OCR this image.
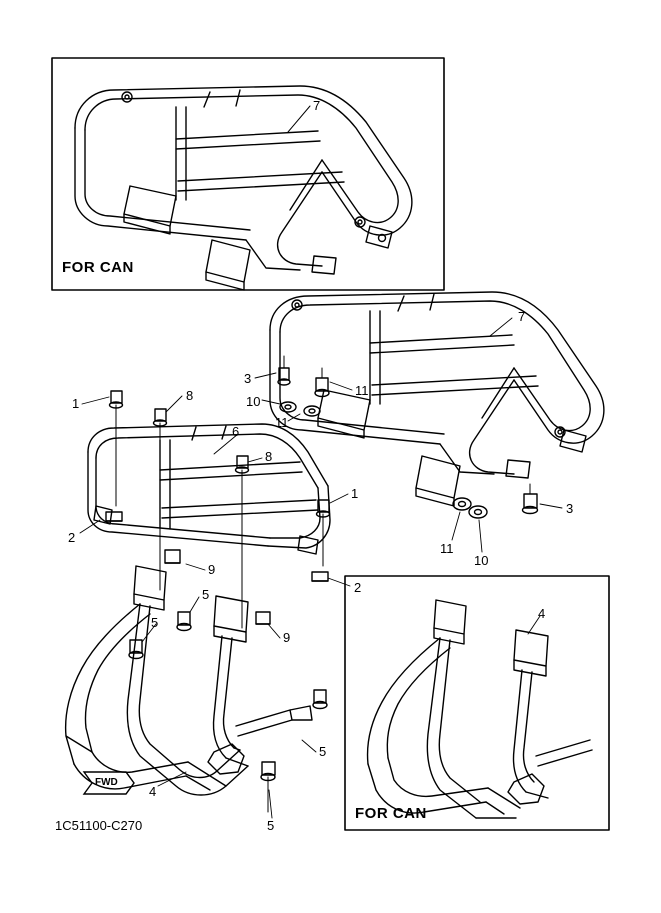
FWD
FOR CAN
FOR CAN
1C51100-C270
7
7
3
11
10
11
1
8
6
8
2
1
2
3
11
10
9
5
5
9
5
5
4
4
